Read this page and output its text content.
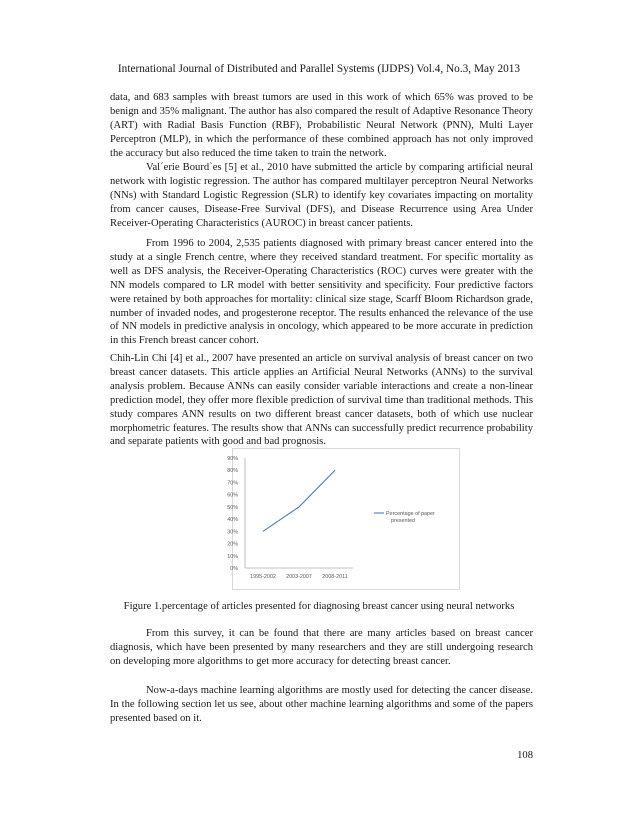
International Journal of Distributed and Parallel Systems (IJDPS) Vol.4, No.3, May 2013

data, and 683 samples with breast tumors are used in this work of which 65% was proved to be benign and 35% malignant. The author has also compared the result of Adaptive Resonance Theory (ART) with Radial Basis Function (RBF), Probabilistic Neural Network (PNN), Multi Layer Perceptron (MLP), in which the performance of these combined approach has not only improved the accuracy but also reduced the time taken to train the network.

Val´erie Bourd`es [5] et al., 2010 have submitted the article by comparing artificial neural network with logistic regression. The author has compared multilayer perceptron Neural Networks (NNs) with Standard Logistic Regression (SLR) to identify key covariates impacting on mortality from cancer causes, Disease-Free Survival (DFS), and Disease Recurrence using Area Under Receiver-Operating Characteristics (AUROC) in breast cancer patients.

From 1996 to 2004, 2,535 patients diagnosed with primary breast cancer entered into the study at a single French centre, where they received standard treatment. For specific mortality as well as DFS analysis, the Receiver-Operating Characteristics (ROC) curves were greater with the NN models compared to LR model with better sensitivity and specificity. Four predictive factors were retained by both approaches for mortality: clinical size stage, Scarff Bloom Richardson grade, number of invaded nodes, and progesterone receptor. The results enhanced the relevance of the use of NN models in predictive analysis in oncology, which appeared to be more accurate in prediction in this French breast cancer cohort.

Chih-Lin Chi [4] et al., 2007 have presented an article on survival analysis of breast cancer on two breast cancer datasets. This article applies an Artificial Neural Networks (ANNs) to the survival analysis problem. Because ANNs can easily consider variable interactions and create a non-linear prediction model, they offer more flexible prediction of survival time than traditional methods. This study compares ANN results on two different breast cancer datasets, both of which use nuclear morphometric features. The results show that ANNs can successfully predict recurrence probability and separate patients with good and bad prognosis.

0%
10%
20%
30%
40%
50%
60%
70%
80%
90%
1995-2002 2003-2007 2008-2011
Percentage of paper presented
Figure 1.percentage of articles presented for diagnosing breast cancer using neural networks

From this survey, it can be found that there are many articles based on breast cancer diagnosis, which have been presented by many researchers and they are still undergoing research on developing more algorithms to get more accuracy for detecting breast cancer.

Now-a-days machine learning algorithms are mostly used for detecting the cancer disease. In the following section let us see, about other machine learning algorithms and some of the papers presented based on it.

108
